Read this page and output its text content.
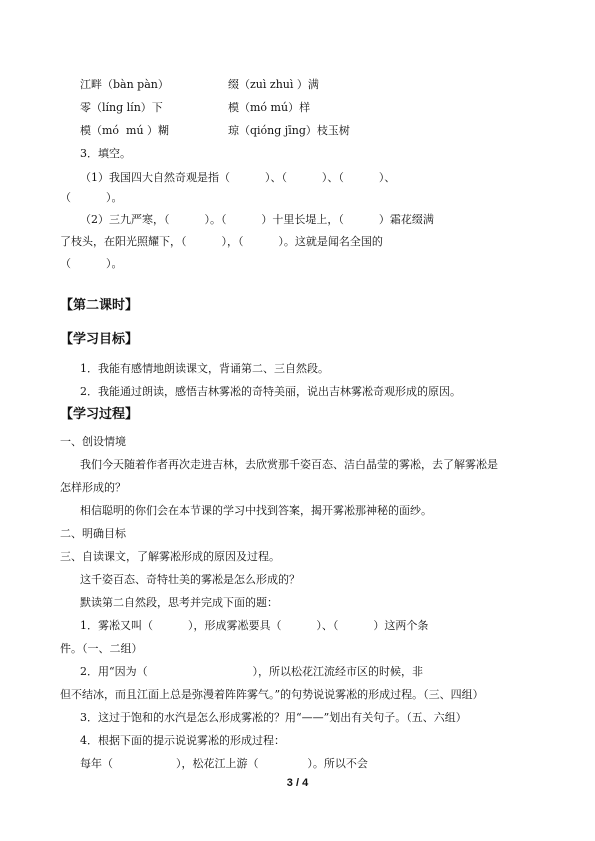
江畔（bàn pàn）	缀（zuì zhuì ）满
零（líng lín）下	模（mó mú）样
模（mó  mú ）糊	琼（qióng jīng）枝玉树
3．填空。
（1）我国四大自然奇观是指（          ）、（          ）、（          ）、
（          ）。
（2）三九严寒，（          ）。（          ）十里长堤上，（          ）霜花缀满
了枝头，在阳光照耀下，（          ），（          ）。这就是闻名全国的
（          ）。
【第二课时】
【学习目标】
1．我能有感情地朗读课文，背诵第二、三自然段。
2．我能通过朗读，感悟吉林雾凇的奇特美丽，说出吉林雾凇奇观形成的原因。
【学习过程】
一、创设情境
我们今天随着作者再次走进吉林，去欣赏那千姿百态、洁白晶莹的雾凇，去了解雾凇是
怎样形成的？
相信聪明的你们会在本节课的学习中找到答案，揭开雾凇那神秘的面纱。
二、明确目标
三、自读课文，了解雾凇形成的原因及过程。
这千姿百态、奇特壮美的雾凇是怎么形成的？
默读第二自然段，思考并完成下面的题：
1．雾凇又叫（          ），形成雾凇要具（          ）、（          ）这两个条
件。（一、二组）
2．用“因为（                              ），所以松花江流经市区的时候，非
但不结冰，而且江面上总是弥漫着阵阵雾气。”的句势说说雾凇的形成过程。（三、四组）
3．这过于饱和的水汽是怎么形成雾凇的？用“——”划出有关句子。（五、六组）
4．根据下面的提示说说雾凇的形成过程：
每年（                  ），松花江上游（              ）。所以不会
3 / 4
